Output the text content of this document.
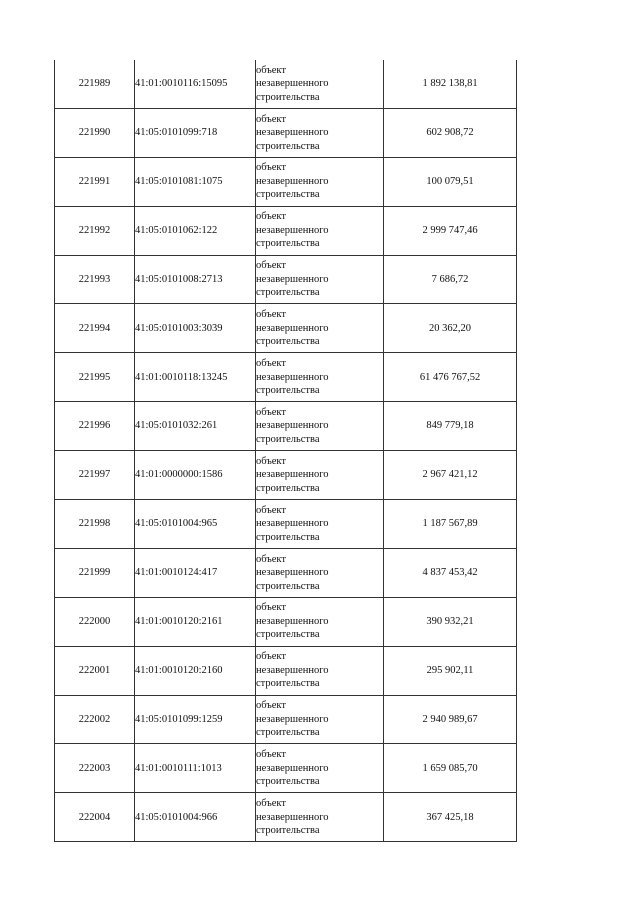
221989	41:01:0010116:15095	объект
незавершенного
строительства	1 892 138,81
221990	41:05:0101099:718	объект
незавершенного
строительства	602 908,72
221991	41:05:0101081:1075	объект
незавершенного
строительства	100 079,51
221992	41:05:0101062:122	объект
незавершенного
строительства	2 999 747,46
221993	41:05:0101008:2713	объект
незавершенного
строительства	7 686,72
221994	41:05:0101003:3039	объект
незавершенного
строительства	20 362,20
221995	41:01:0010118:13245	объект
незавершенного
строительства	61 476 767,52
221996	41:05:0101032:261	объект
незавершенного
строительства	849 779,18
221997	41:01:0000000:1586	объект
незавершенного
строительства	2 967 421,12
221998	41:05:0101004:965	объект
незавершенного
строительства	1 187 567,89
221999	41:01:0010124:417	объект
незавершенного
строительства	4 837 453,42
222000	41:01:0010120:2161	объект
незавершенного
строительства	390 932,21
222001	41:01:0010120:2160	объект
незавершенного
строительства	295 902,11
222002	41:05:0101099:1259	объект
незавершенного
строительства	2 940 989,67
222003	41:01:0010111:1013	объект
незавершенного
строительства	1 659 085,70
222004	41:05:0101004:966	объект
незавершенного
строительства	367 425,18
